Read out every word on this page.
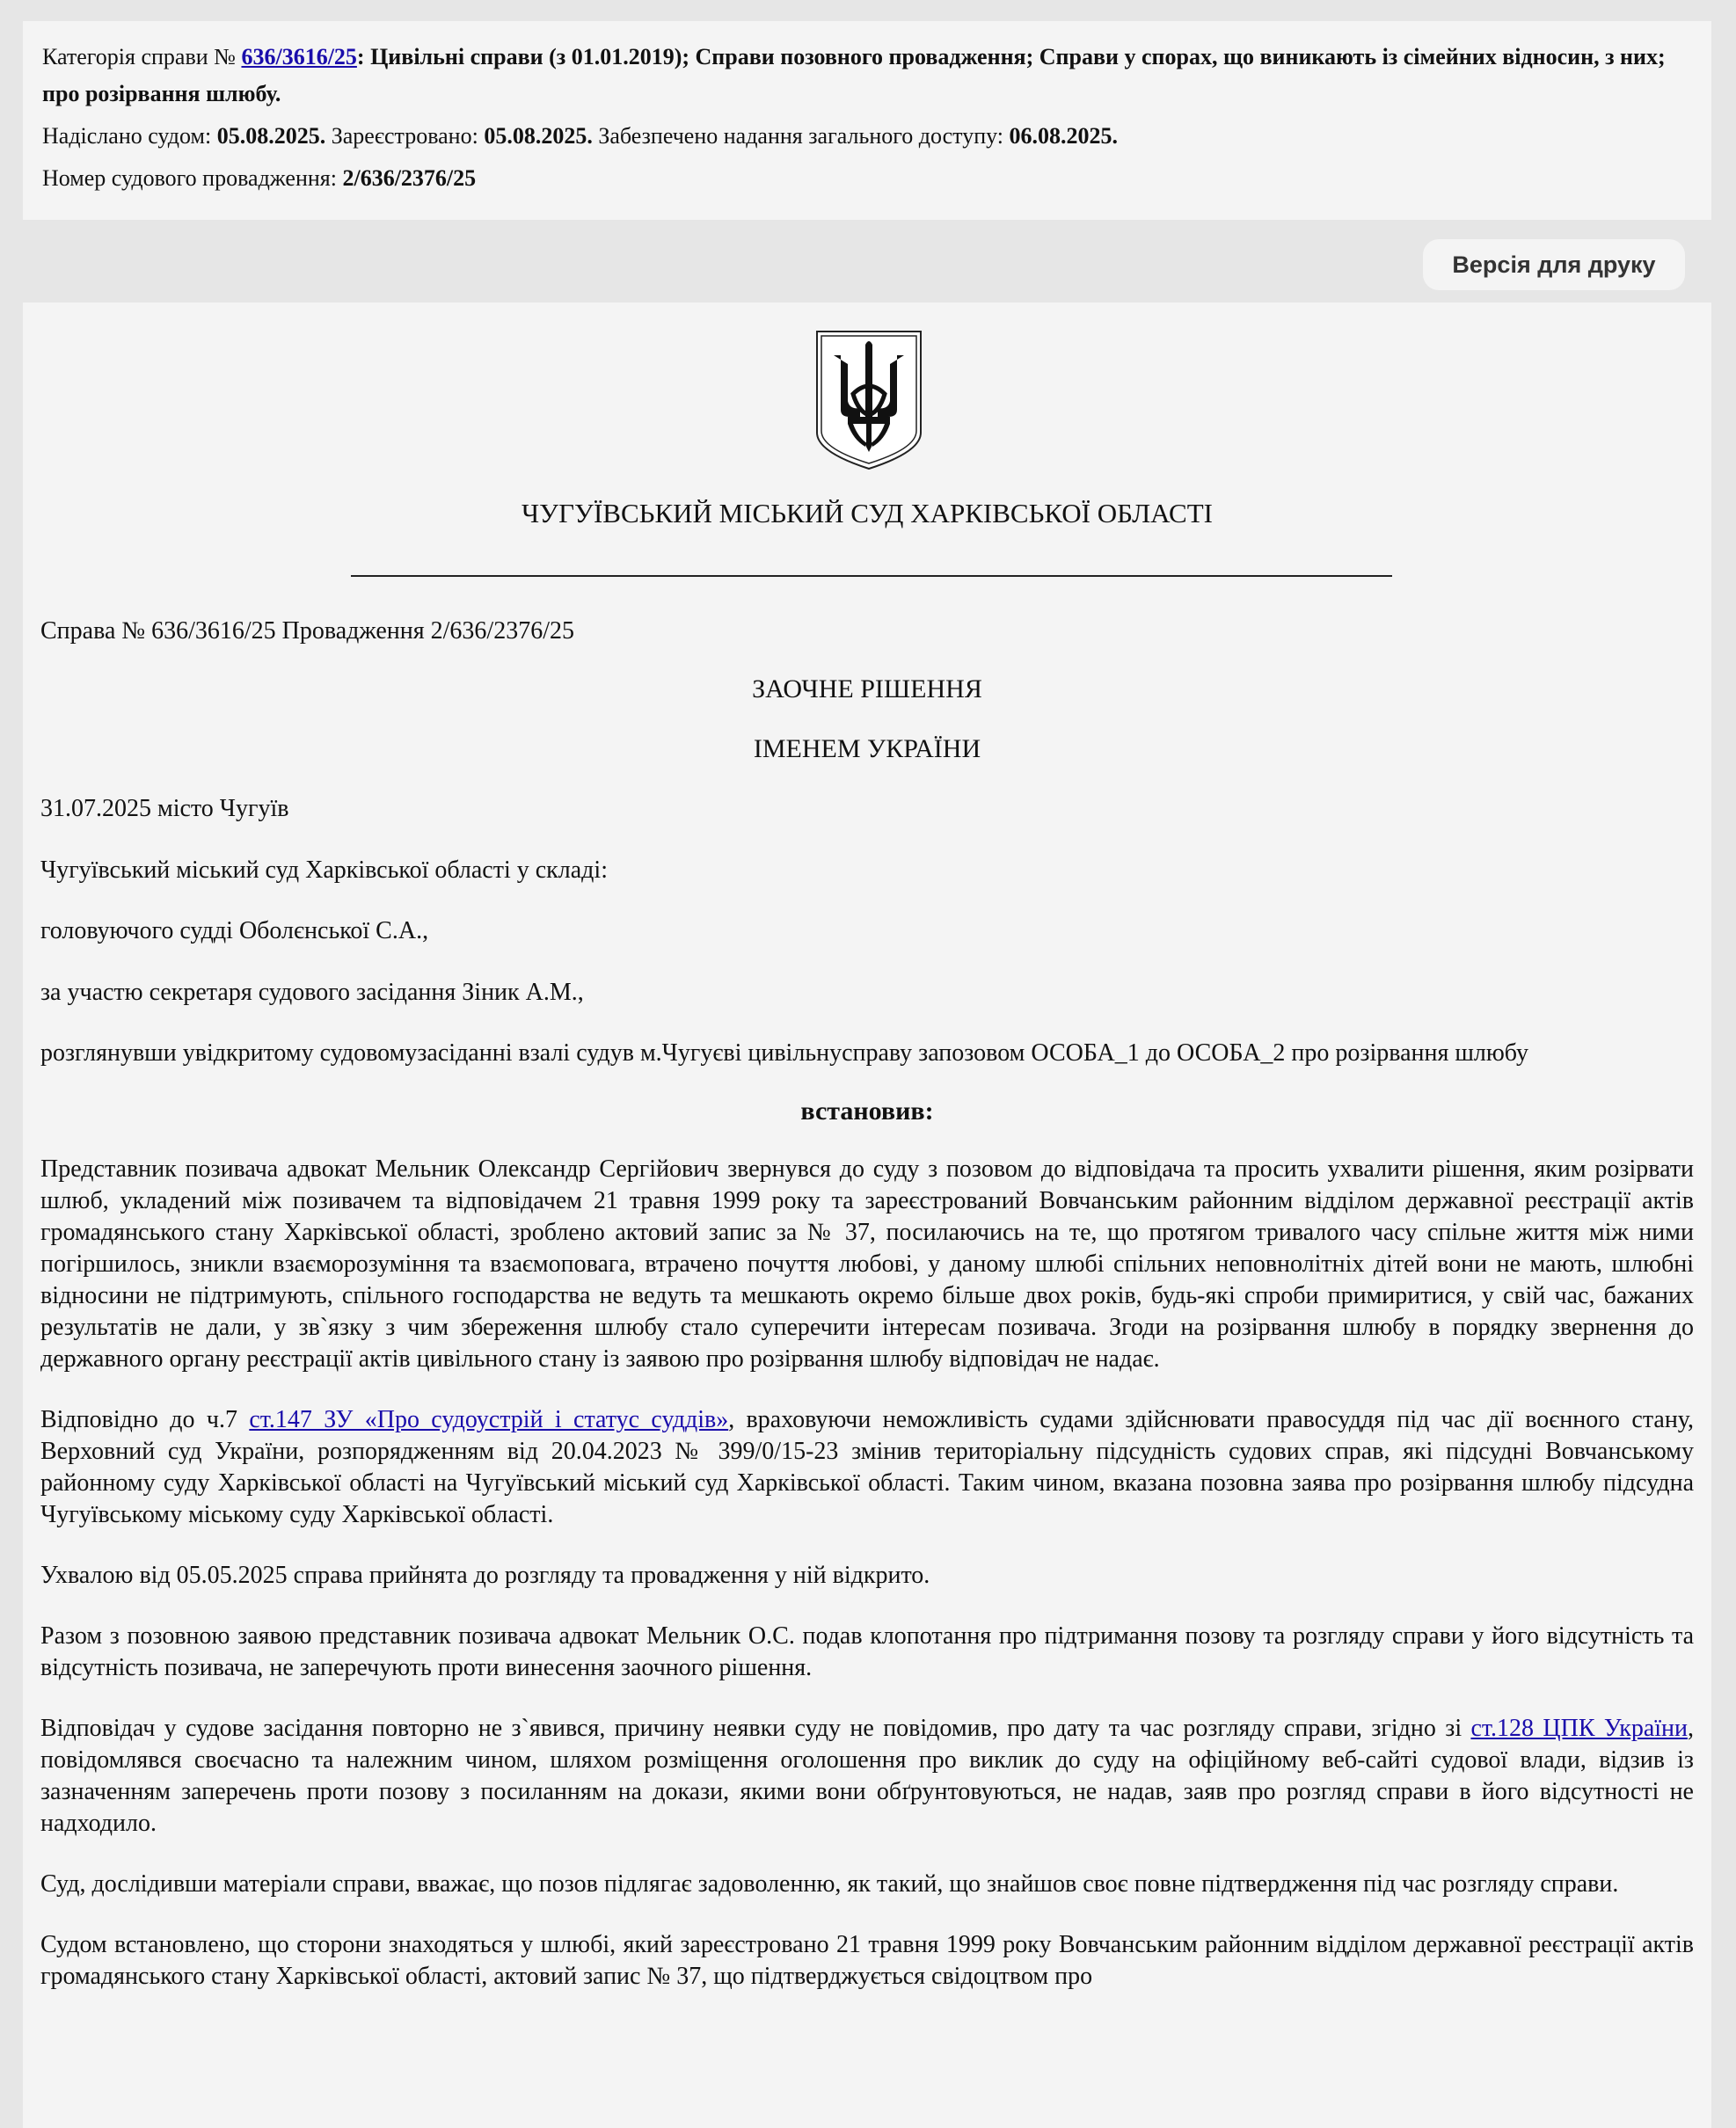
Категорія справи № 636/3616/25: Цивільні справи (з 01.01.2019); Справи позовного провадження; Справи у спорах, що виникають із сімейних відносин, з них; про розірвання шлюбу.

Надіслано судом: 05.08.2025. Зареєстровано: 05.08.2025. Забезпечено надання загального доступу: 06.08.2025.

Номер судового провадження: 2/636/2376/25

Версія для друку
ЧУГУЇВСЬКИЙ МІСЬКИЙ СУД ХАРКІВСЬКОЇ ОБЛАСТІ

Справа № 636/3616/25 Провадження 2/636/2376/25

ЗАОЧНЕ РІШЕННЯ

ІМЕНЕМ УКРАЇНИ

31.07.2025 місто Чугуїв

Чугуївський міський суд Харківської області у складі:

головуючого судді Оболєнської С.А.,

за участю секретаря судового засідання Зіник А.М.,

розглянувши увідкритому судовомузасіданні взалі судув м.Чугуєві цивільнусправу запозовом ОСОБА_1 до ОСОБА_2 про розірвання шлюбу

встановив:

Представник позивача адвокат Мельник Олександр Сергійович звернувся до суду з позовом до відповідача та просить ухвалити рішення, яким розірвати шлюб, укладений між позивачем та відповідачем 21 травня 1999 року та зареєстрований Вовчанським районним відділом державної реєстрації актів громадянського стану Харківської області, зроблено актовий запис за № 37, посилаючись на те, що протягом тривалого часу спільне життя між ними погіршилось, зникли взаєморозуміння та взаємоповага, втрачено почуття любові, у даному шлюбі спільних неповнолітніх дітей вони не мають, шлюбні відносини не підтримують, спільного господарства не ведуть та мешкають окремо більше двох років, будь-які спроби примиритися, у свій час, бажаних результатів не дали, у зв`язку з чим збереження шлюбу стало суперечити інтересам позивача. Згоди на розірвання шлюбу в порядку звернення до державного органу реєстрації актів цивільного стану із заявою про розірвання шлюбу відповідач не надає.

Відповідно до ч.7 ст.147 ЗУ «Про судоустрій і статус суддів», враховуючи неможливість судами здійснювати правосуддя під час дії воєнного стану, Верховний суд України, розпорядженням від 20.04.2023 № 399/0/15-23 змінив територіальну підсудність судових справ, які підсудні Вовчанському районному суду Харківської області на Чугуївський міський суд Харківської області. Таким чином, вказана позовна заява про розірвання шлюбу підсудна Чугуївському міському суду Харківської області.

Ухвалою від 05.05.2025 справа прийнята до розгляду та провадження у ній відкрито.

Разом з позовною заявою представник позивача адвокат Мельник О.С. подав клопотання про підтримання позову та розгляду справи у його відсутність та відсутність позивача, не заперечують проти винесення заочного рішення.

Відповідач у судове засідання повторно не з`явився, причину неявки суду не повідомив, про дату та час розгляду справи, згідно зі ст.128 ЦПК України, повідомлявся своєчасно та належним чином, шляхом розміщення оголошення про виклик до суду на офіційному веб-сайті судової влади, відзив із зазначенням заперечень проти позову з посиланням на докази, якими вони обґрунтовуються, не надав, заяв про розгляд справи в його відсутності не надходило.

Суд, дослідивши матеріали справи, вважає, що позов підлягає задоволенню, як такий, що знайшов своє повне підтвердження під час розгляду справи.

Судом встановлено, що сторони знаходяться у шлюбі, який зареєстровано 21 травня 1999 року Вовчанським районним відділом державної реєстрації актів громадянського стану Харківської області, актовий запис № 37, що підтверджується свідоцтвом про
